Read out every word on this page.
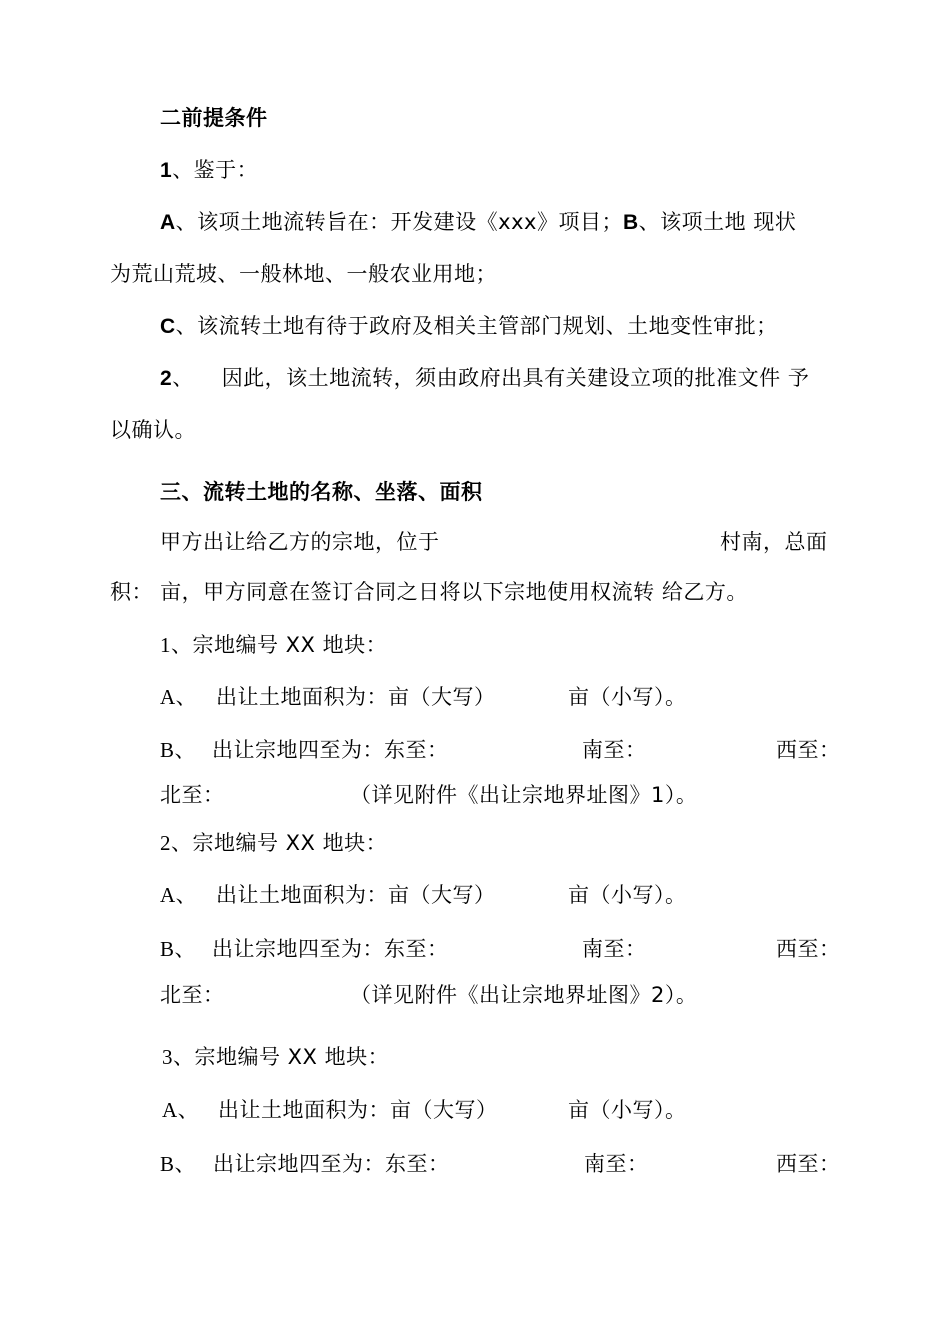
二前提条件
1、鉴于：
A、该项土地流转旨在：开发建设《xxx》项目；B、该项土地 现状
为荒山荒坡、一般林地、一般农业用地；
C、该流转土地有待于政府及相关主管部门规划、土地变性审批；
2、 因此，该土地流转，须由政府出具有关建设立项的批准文件 予
以确认。
三、流转土地的名称、坐落、面积
甲方出让给乙方的宗地，位于	村南，总面
积： 亩，甲方同意在签订合同之日将以下宗地使用权流转 给乙方。
1、宗地编号 XX 地块：
A、 出让土地面积为：亩（大写）	亩（小写）。
B、 出让宗地四至为：东至：	南至：	西至：
北至：	（详见附件《出让宗地界址图》1）。
2、宗地编号 XX 地块：
A、 出让土地面积为：亩（大写）	亩（小写）。
B、 出让宗地四至为：东至：	南至：	西至：
北至：	（详见附件《出让宗地界址图》2）。
3、宗地编号 XX 地块：
A、 出让土地面积为：亩（大写）	亩（小写）。
B、 出让宗地四至为：东至：	南至：	西至：
